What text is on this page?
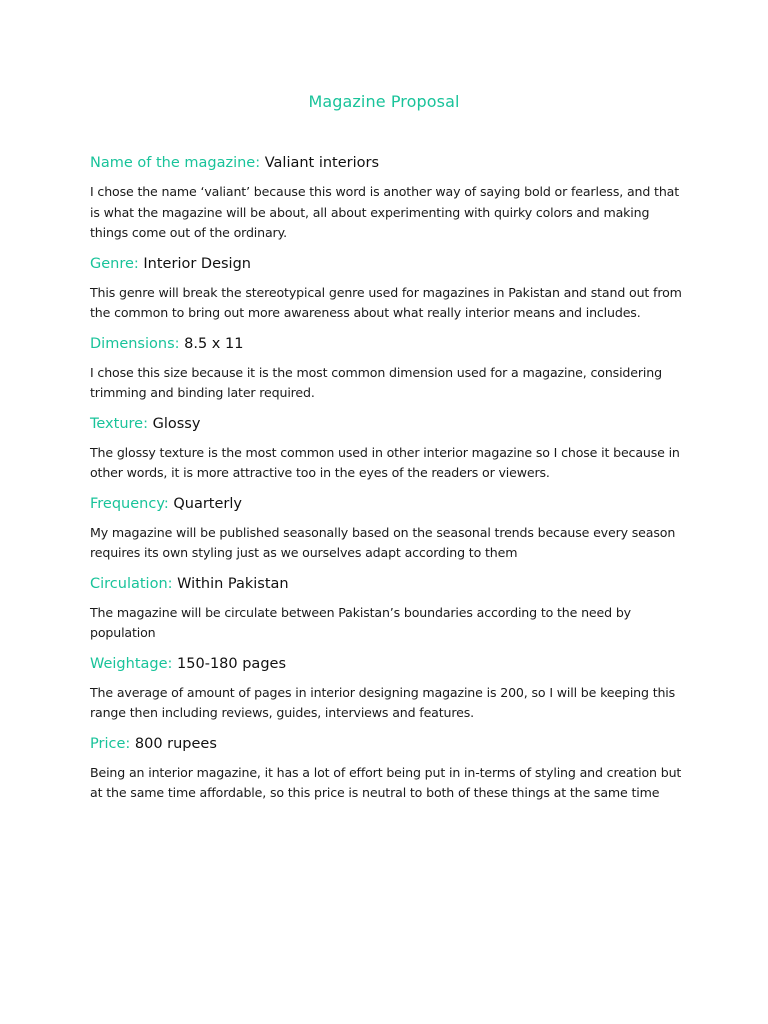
Magazine Proposal
Name of the magazine: Valiant interiors

I chose the name ‘valiant’ because this word is another way of saying bold or fearless, and that is what the magazine will be about, all about experimenting with quirky colors and making things come out of the ordinary.

Genre: Interior Design

This genre will break the stereotypical genre used for magazines in Pakistan and stand out from the common to bring out more awareness about what really interior means and includes.

Dimensions: 8.5 x 11

I chose this size because it is the most common dimension used for a magazine, considering trimming and binding later required.

Texture: Glossy

The glossy texture is the most common used in other interior magazine so I chose it because in other words, it is more attractive too in the eyes of the readers or viewers.

Frequency: Quarterly

My magazine will be published seasonally based on the seasonal trends because every season requires its own styling just as we ourselves adapt according to them

Circulation: Within Pakistan

The magazine will be circulate between Pakistan’s boundaries according to the need by population

Weightage: 150-180 pages

The average of amount of pages in interior designing magazine is 200, so I will be keeping this range then including reviews, guides, interviews and features.

Price: 800 rupees

Being an interior magazine, it has a lot of effort being put in in-terms of styling and creation but at the same time affordable, so this price is neutral to both of these things at the same time
